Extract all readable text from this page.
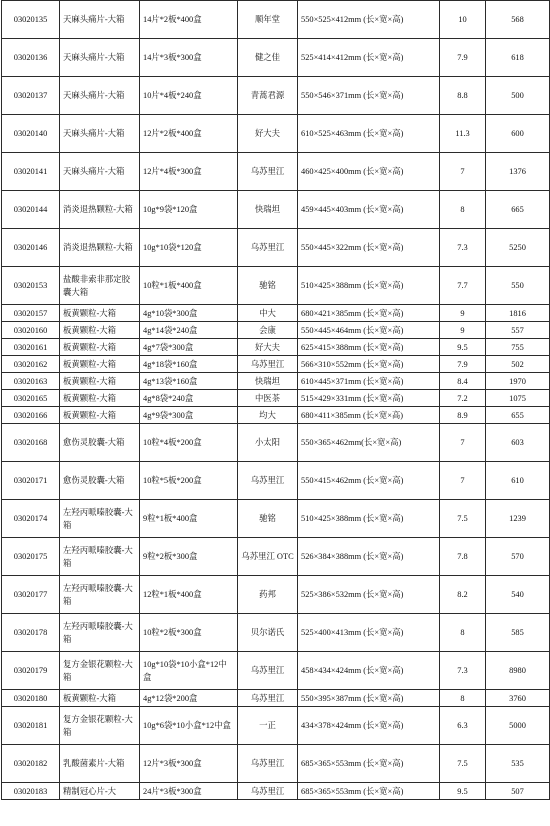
03020135	天麻头痛片-大箱	14片*2板*400盒	顺年堂	550×525×412mm (长×宽×高)	10	568
03020136	天麻头痛片-大箱	14片*3板*300盒	健之佳	525×414×412mm (长×宽×高)	7.9	618
03020137	天麻头痛片-大箱	10片*4板*240盒	青蒿君源	550×546×371mm (长×宽×高)	8.8	500
03020140	天麻头痛片-大箱	12片*2板*400盒	好大夫	610×525×463mm (长×宽×高)	11.3	600
03020141	天麻头痛片-大箱	12片*4板*300盒	乌苏里江	460×425×400mm (长×宽×高)	7	1376
03020144	消炎退热颗粒-大箱	10g*9袋*120盒	快瑞坦	459×445×403mm (长×宽×高)	8	665
03020146	消炎退热颗粒-大箱	10g*10袋*120盒	乌苏里江	550×445×322mm (长×宽×高)	7.3	5250
03020153	盐酸非索非那定胶囊大箱	10粒*1板*400盒	驰铭	510×425×388mm (长×宽×高)	7.7	550
03020157	板黄颗粒-大箱	4g*10袋*300盒	中大	680×421×385mm (长×宽×高)	9	1816
03020160	板黄颗粒-大箱	4g*14袋*240盒	会康	550×445×464mm (长×宽×高)	9	557
03020161	板黄颗粒-大箱	4g*7袋*300盒	好大夫	625×415×388mm (长×宽×高)	9.5	755
03020162	板黄颗粒-大箱	4g*18袋*160盒	乌苏里江	566×310×552mm (长×宽×高)	7.9	502
03020163	板黄颗粒-大箱	4g*13袋*160盒	快瑞坦	610×445×371mm (长×宽×高)	8.4	1970
03020165	板黄颗粒-大箱	4g*8袋*240盒	中医茶	515×429×331mm (长×宽×高)	7.2	1075
03020166	板黄颗粒-大箱	4g*9袋*300盒	均大	680×411×385mm (长×宽×高)	8.9	655
03020168	愈伤灵胶囊-大箱	10粒*4板*200盒	小太阳	550×365×462mm(长×宽×高)	7	603
03020171	愈伤灵胶囊-大箱	10粒*5板*200盒	乌苏里江	550×415×462mm (长×宽×高)	7	610
03020174	左羟丙哌嗪胶囊-大箱	9粒*1板*400盒	驰铭	510×425×388mm (长×宽×高)	7.5	1239
03020175	左羟丙哌嗪胶囊-大箱	9粒*2板*300盒	乌苏里江 OTC	526×384×388mm (长×宽×高)	7.8	570
03020177	左羟丙哌嗪胶囊-大箱	12粒*1板*400盒	药邦	525×386×532mm (长×宽×高)	8.2	540
03020178	左羟丙哌嗪胶囊-大箱	10粒*2板*300盒	贝尔诺氏	525×400×413mm (长×宽×高)	8	585
03020179	复方金银花颗粒-大箱	10g*10袋*10小盒*12中盒	乌苏里江	458×434×424mm (长×宽×高)	7.3	8980
03020180	板黄颗粒-大箱	4g*12袋*200盒	乌苏里江	550×395×387mm (长×宽×高)	8	3760
03020181	复方金银花颗粒-大箱	10g*6袋*10小盒*12中盒	一正	434×378×424mm (长×宽×高)	6.3	5000
03020182	乳酸菌素片-大箱	12片*3板*300盒	乌苏里江	685×365×553mm (长×宽×高)	7.5	535
03020183	精制冠心片-大	24片*3板*300盒	乌苏里江	685×365×553mm (长×宽×高)	9.5	507
